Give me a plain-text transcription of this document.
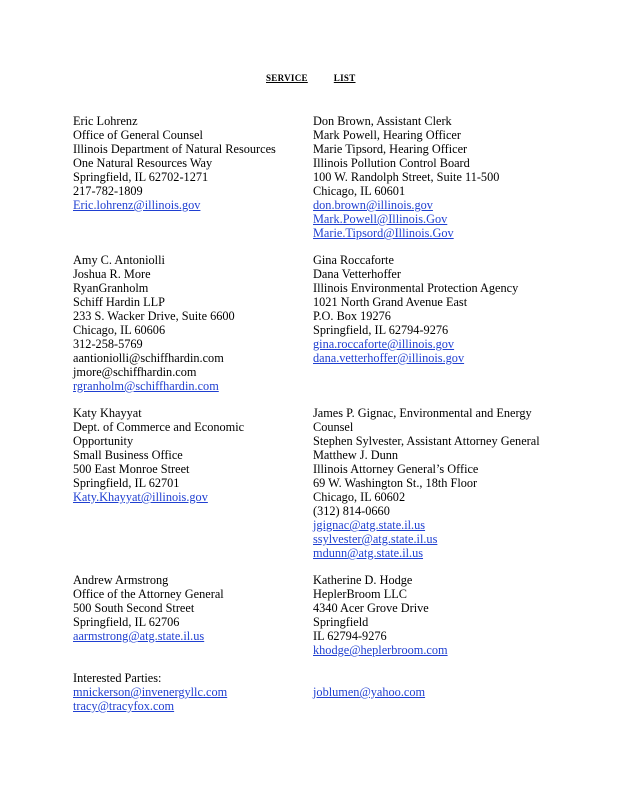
SERVICE	LIST
Eric Lohrenz
Office of General Counsel
Illinois Department of Natural Resources
One Natural Resources Way
Springfield, IL 62702-1271
217-782-1809
Eric.lohrenz@illinois.gov
Amy C. Antoniolli
Joshua R. More
RyanGranholm
Schiff Hardin LLP
233 S. Wacker Drive, Suite 6600
Chicago, IL 60606
312-258-5769
aantioniolli@schiffhardin.com
jmore@schiffhardin.com
rgranholm@schiffhardin.com
Katy Khayyat
Dept. of Commerce and Economic
Opportunity
Small Business Office
500 East Monroe Street
Springfield, IL 62701
Katy.Khayyat@illinois.gov
Andrew Armstrong
Office of the Attorney General
500 South Second Street
Springfield, IL 62706
aarmstrong@atg.state.il.us
Don Brown, Assistant Clerk
Mark Powell, Hearing Officer
Marie Tipsord, Hearing Officer
Illinois Pollution Control Board
100 W. Randolph Street, Suite 11-500
Chicago, IL 60601
don.brown@illinois.gov
Mark.Powell@Illinois.Gov
Marie.Tipsord@Illinois.Gov
Gina Roccaforte
Dana Vetterhoffer
Illinois Environmental Protection Agency
1021 North Grand Avenue East
P.O. Box 19276
Springfield, IL 62794-9276
gina.roccaforte@illinois.gov
dana.vetterhoffer@illinois.gov
James P. Gignac, Environmental and Energy
Counsel
Stephen Sylvester, Assistant Attorney General
Matthew J. Dunn
Illinois Attorney General’s Office
69 W. Washington St., 18th Floor
Chicago, IL 60602
(312) 814-0660
jgignac@atg.state.il.us
ssylvester@atg.state.il.us
mdunn@atg.state.il.us
Katherine D. Hodge
HeplerBroom LLC
4340 Acer Grove Drive
Springfield
IL 62794-9276
khodge@heplerbroom.com
Interested Parties:
mnickerson@invenergyllc.com
tracy@tracyfox.com
joblumen@yahoo.com
